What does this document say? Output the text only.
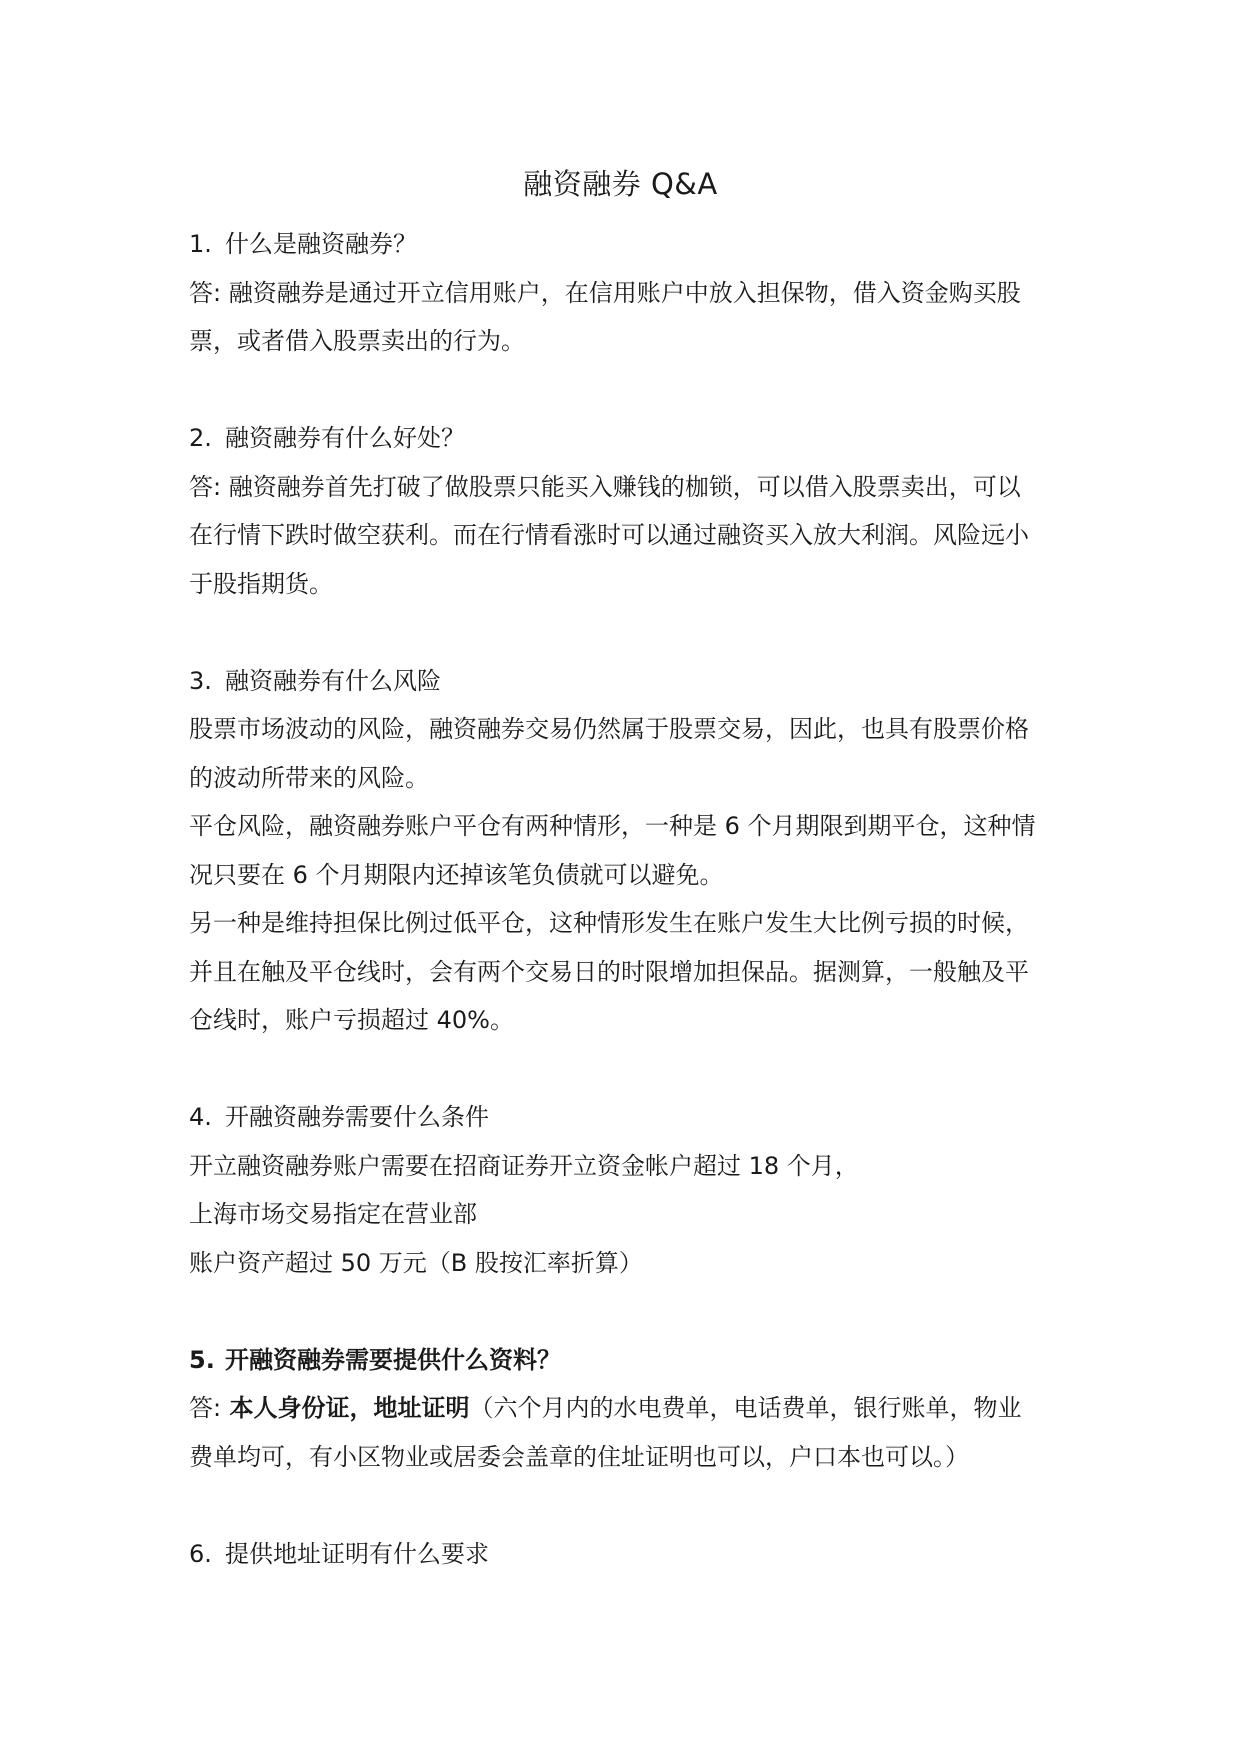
融资融券 Q&A
1. 什么是融资融券？
答: 融资融券是通过开立信用账户，在信用账户中放入担保物，借入资金购买股
票，或者借入股票卖出的行为。
2. 融资融券有什么好处？
答: 融资融券首先打破了做股票只能买入赚钱的枷锁，可以借入股票卖出，可以
在行情下跌时做空获利。而在行情看涨时可以通过融资买入放大利润。风险远小
于股指期货。
3. 融资融券有什么风险
股票市场波动的风险，融资融券交易仍然属于股票交易，因此，也具有股票价格
的波动所带来的风险。
平仓风险，融资融券账户平仓有两种情形，一种是 6 个月期限到期平仓，这种情
况只要在 6 个月期限内还掉该笔负债就可以避免。
另一种是维持担保比例过低平仓，这种情形发生在账户发生大比例亏损的时候，
并且在触及平仓线时，会有两个交易日的时限增加担保品。据测算，一般触及平
仓线时，账户亏损超过 40%。
4. 开融资融券需要什么条件
开立融资融券账户需要在招商证券开立资金帐户超过 18 个月，
上海市场交易指定在营业部
账户资产超过 50 万元（B 股按汇率折算）
5. 开融资融券需要提供什么资料？
答: 本人身份证，地址证明（六个月内的水电费单，电话费单，银行账单，物业
费单均可，有小区物业或居委会盖章的住址证明也可以，户口本也可以。）
6. 提供地址证明有什么要求
